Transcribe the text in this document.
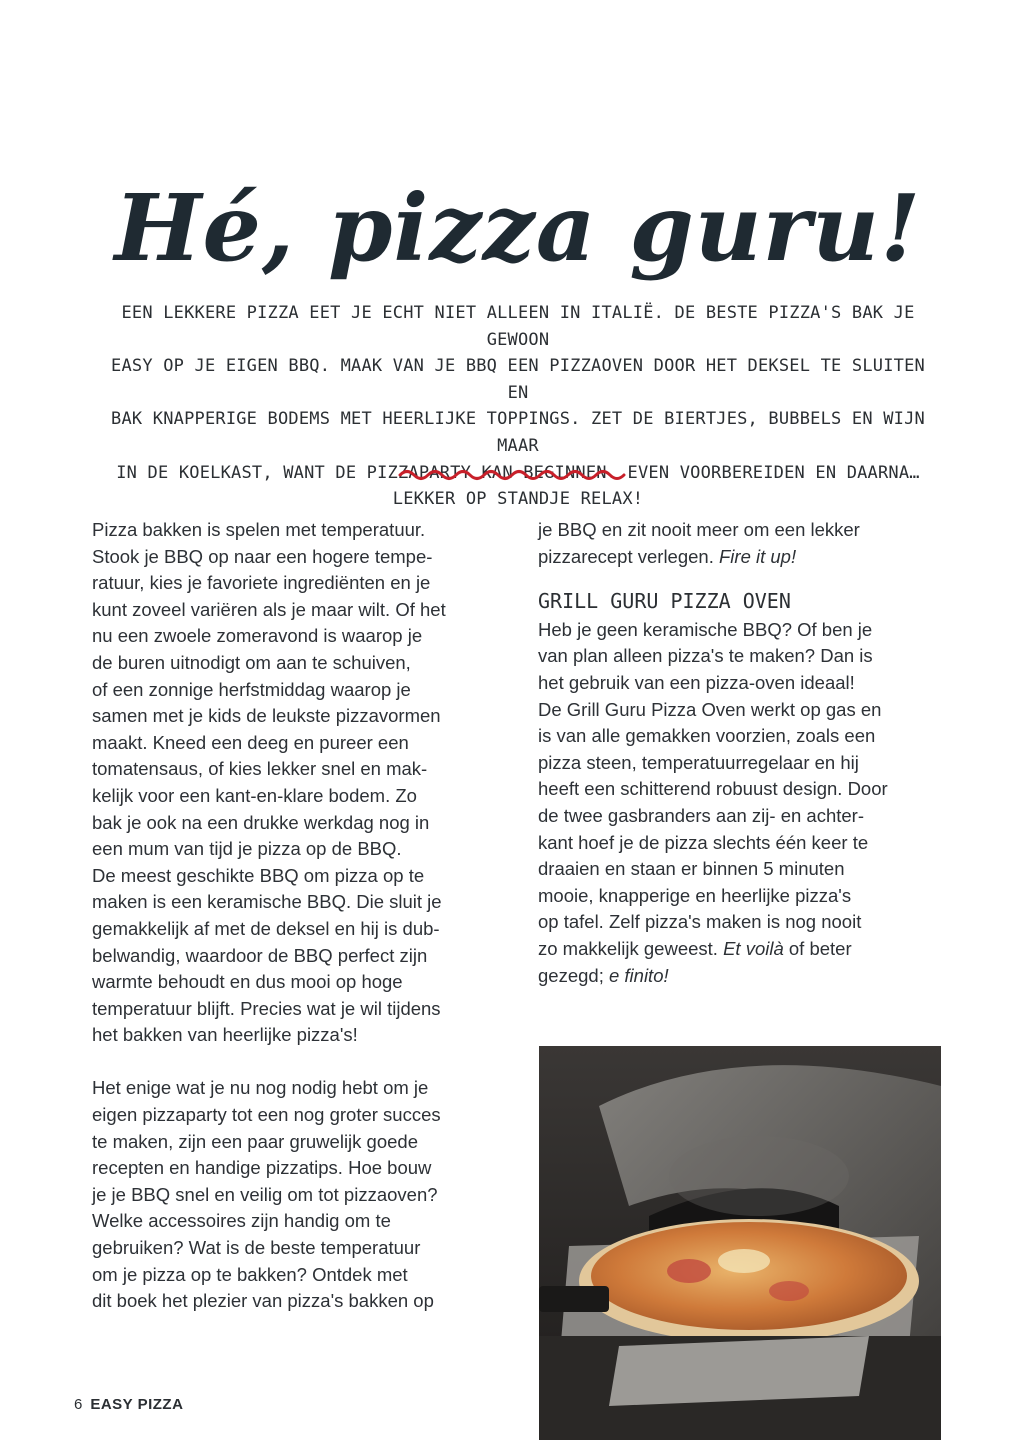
Hé, pizza guru!
EEN LEKKERE PIZZA EET JE ECHT NIET ALLEEN IN ITALIË. DE BESTE PIZZA'S BAK JE GEWOON
EASY OP JE EIGEN BBQ. MAAK VAN JE BBQ EEN PIZZAOVEN DOOR HET DEKSEL TE SLUITEN EN
BAK KNAPPERIGE BODEMS MET HEERLIJKE TOPPINGS. ZET DE BIERTJES, BUBBELS EN WIJN MAAR
IN DE KOELKAST, WANT DE PIZZAPARTY KAN BEGINNEN. EVEN VOORBEREIDEN EN DAARNA…
LEKKER OP STANDJE RELAX!
Pizza bakken is spelen met temperatuur.
Stook je BBQ op naar een hogere tempe-
ratuur, kies je favoriete ingrediënten en je
kunt zoveel variëren als je maar wilt. Of het
nu een zwoele zomeravond is waarop je
de buren uitnodigt om aan te schuiven,
of een zonnige herfstmiddag waarop je
samen met je kids de leukste pizzavormen
maakt. Kneed een deeg en pureer een
tomatensaus, of kies lekker snel en mak-
kelijk voor een kant-en-klare bodem. Zo
bak je ook na een drukke werkdag nog in
een mum van tijd je pizza op de BBQ.
De meest geschikte BBQ om pizza op te
maken is een keramische BBQ. Die sluit je
gemakkelijk af met de deksel en hij is dub-
belwandig, waardoor de BBQ perfect zijn
warmte behoudt en dus mooi op hoge
temperatuur blijft. Precies wat je wil tijdens
het bakken van heerlijke pizza's!
Het enige wat je nu nog nodig hebt om je
eigen pizzaparty tot een nog groter succes
te maken, zijn een paar gruwelijk goede
recepten en handige pizzatips. Hoe bouw
je je BBQ snel en veilig om tot pizzaoven?
Welke accessoires zijn handig om te
gebruiken? Wat is de beste temperatuur
om je pizza op te bakken? Ontdek met
dit boek het plezier van pizza's bakken op
je BBQ en zit nooit meer om een lekker
pizzarecept verlegen. Fire it up!
GRILL GURU PIZZA OVEN
Heb je geen keramische BBQ? Of ben je
van plan alleen pizza's te maken? Dan is
het gebruik van een pizza-oven ideaal!
De Grill Guru Pizza Oven werkt op gas en
is van alle gemakken voorzien, zoals een
pizza steen, temperatuurregelaar en hij
heeft een schitterend robuust design. Door
de twee gasbranders aan zij- en achter-
kant hoef je de pizza slechts één keer te
draaien en staan er binnen 5 minuten
mooie, knapperige en heerlijke pizza's
op tafel. Zelf pizza's maken is nog nooit
zo makkelijk geweest. Et voilà of beter
gezegd; e finito!
6 EASY PIZZA
